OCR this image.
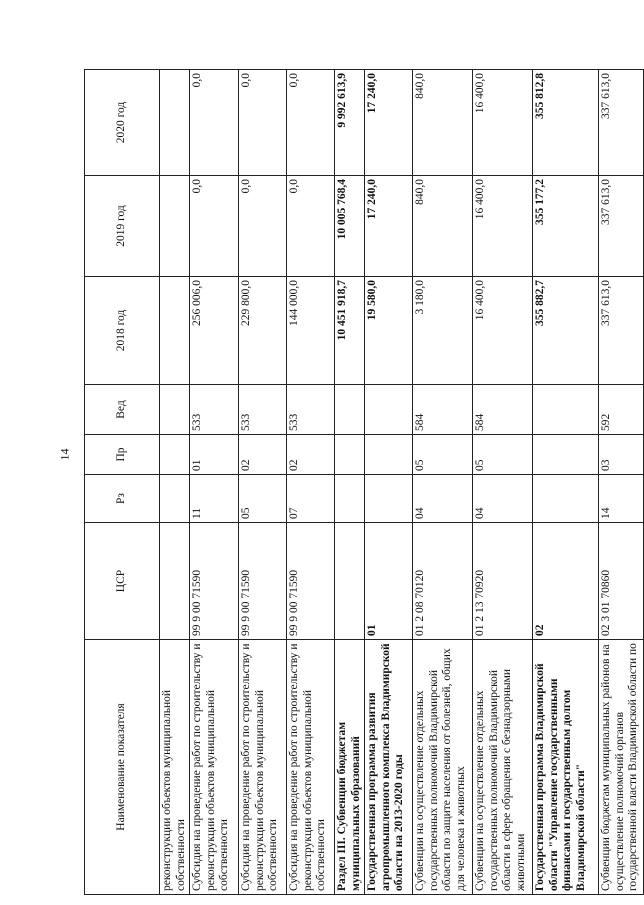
14
Наименование показателя	ЦСР	Рз	Пр	Вед	2018 год	2019 год	2020 год
реконструкции объектов муниципальной собственности							
Субсидия на проведение работ по строительству и реконструкции объектов муниципальной собственности	99 9 00 71590	11	01	533	256 006,0	0,0	0,0
Субсидия на проведение работ по строительству и реконструкции объектов муниципальной собственности	99 9 00 71590	05	02	533	229 800,0	0,0	0,0
Субсидия на проведение работ по строительству и реконструкции объектов муниципальной собственности	99 9 00 71590	07	02	533	144 000,0	0,0	0,0
Раздел III. Субвенции бюджетам муниципальных образований					10 451 918,7	10 005 768,4	9 992 613,9
Государственная программа развития агропромышленного комплекса Владимирской области на 2013-2020 годы	01				19 580,0	17 240,0	17 240,0
Субвенции на осуществление отдельных государственных полномочий Владимирской области по защите населения от болезней, общих для человека и животных	01 2 08 70120	04	05	584	3 180,0	840,0	840,0
Субвенции на осуществление отдельных государственных полномочий Владимирской области в сфере обращения с безнадзорными животными	01 2 13 70920	04	05	584	16 400,0	16 400,0	16 400,0
Государственная программа Владимирской области "Управление государственными финансами и государственным долгом Владимирской области"	02				355 882,7	355 177,2	355 812,8
Субвенции бюджетам муниципальных районов на осуществление полномочий органов государственной власти Владимирской области по	02 3 01 70860	14	03	592	337 613,0	337 613,0	337 613,0
